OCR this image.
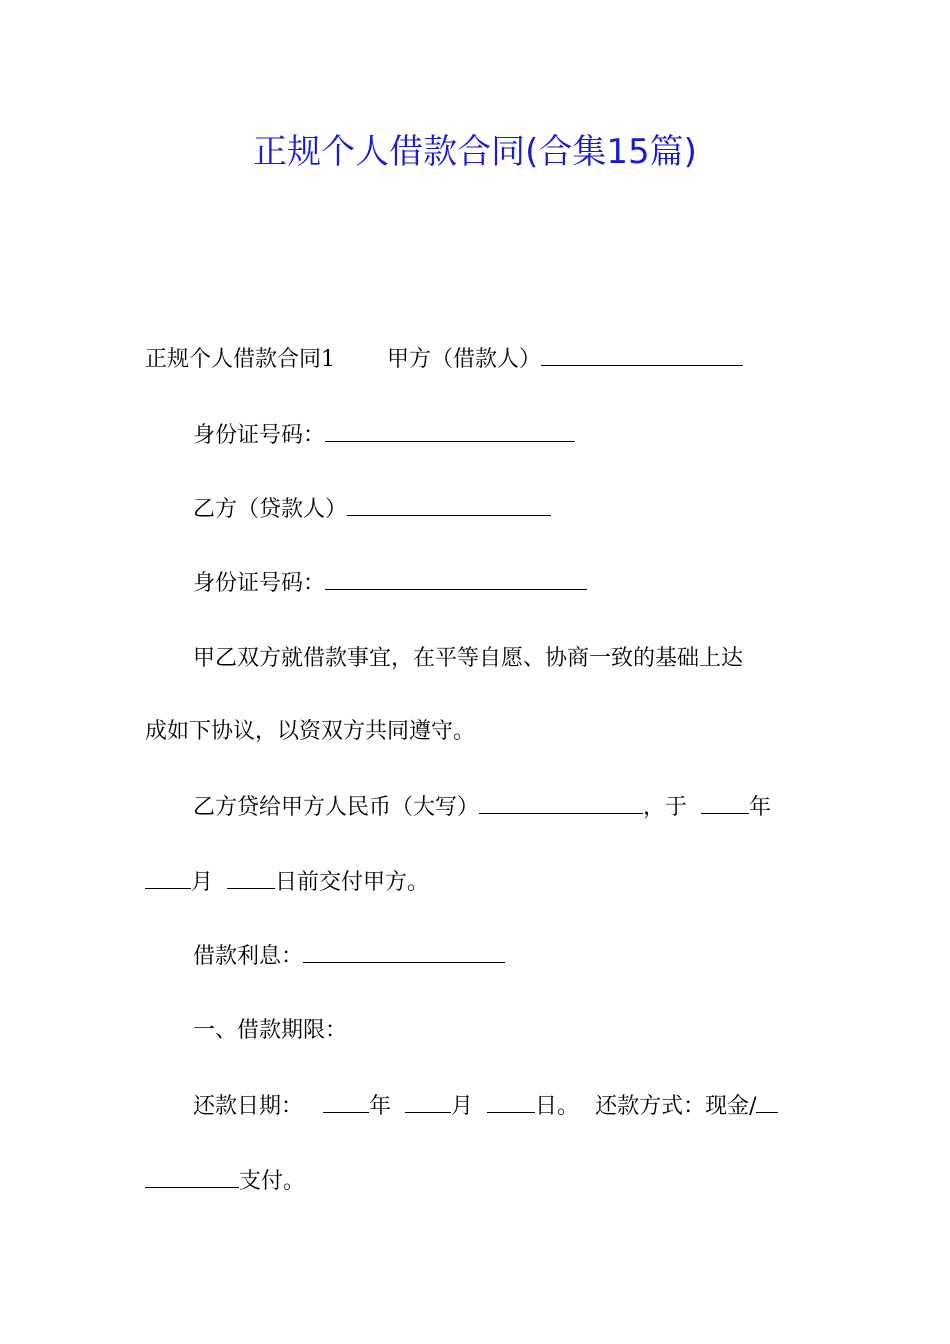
正规个人借款合同(合集15篇)

正规个人借款合同1 甲方（借款人）

身份证号码：

乙方（贷款人）

身份证号码：

甲乙双方就借款事宜，在平等自愿、协商一致的基础上达

成如下协议，以资双方共同遵守。

乙方贷给甲方人民币（大写）	，于	年

月	日前交付甲方。

借款利息：

一、借款期限：

还款日期：	年	月	日。 还款方式：现金/

支付。
